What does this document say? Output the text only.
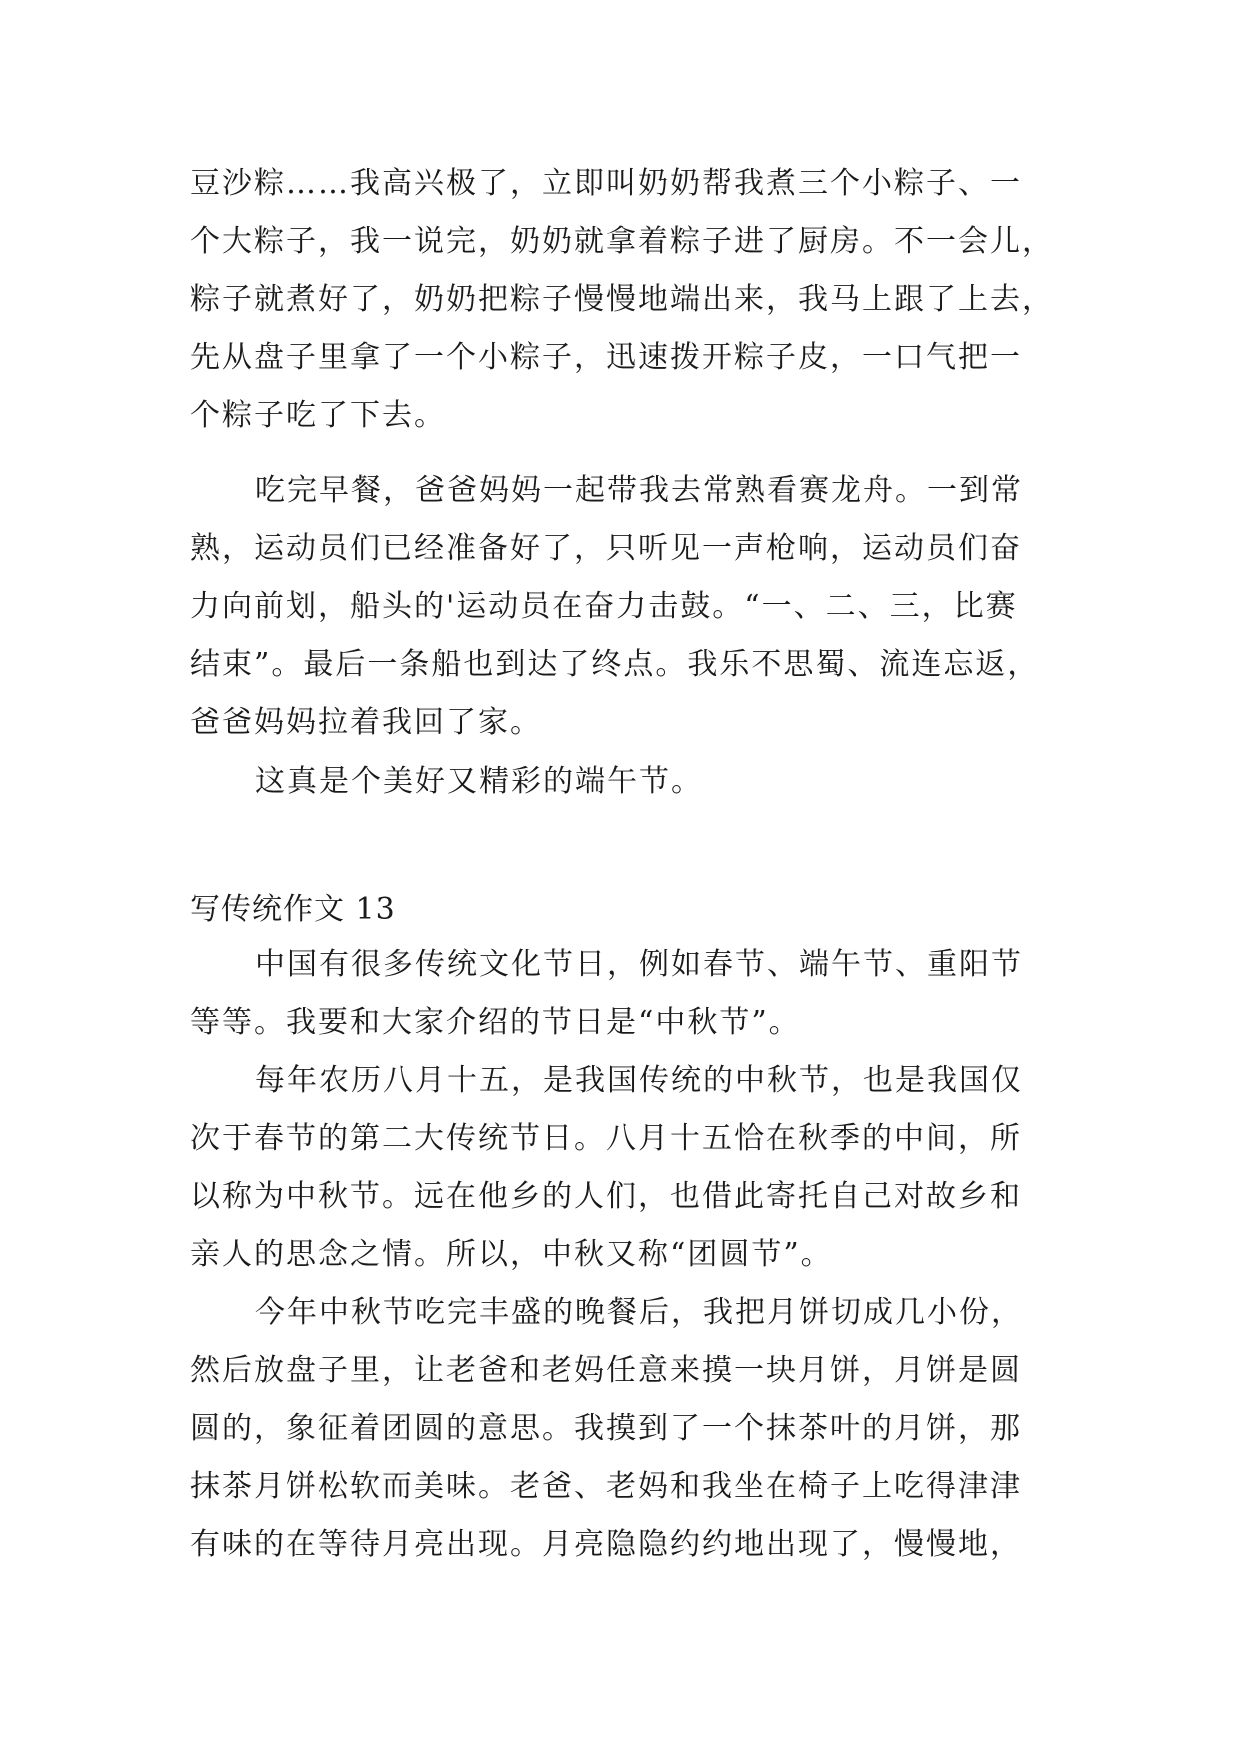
豆沙粽……我高兴极了，立即叫奶奶帮我煮三个小粽子、一
个大粽子，我一说完，奶奶就拿着粽子进了厨房。不一会儿，
粽子就煮好了，奶奶把粽子慢慢地端出来，我马上跟了上去，
先从盘子里拿了一个小粽子，迅速拨开粽子皮，一口气把一
个粽子吃了下去。
吃完早餐，爸爸妈妈一起带我去常熟看赛龙舟。一到常
熟，运动员们已经准备好了，只听见一声枪响，运动员们奋
力向前划，船头的'运动员在奋力击鼓。“一、二、三，比赛
结束”。最后一条船也到达了终点。我乐不思蜀、流连忘返，
爸爸妈妈拉着我回了家。
这真是个美好又精彩的端午节。
写传统作文 13
中国有很多传统文化节日，例如春节、端午节、重阳节
等等。我要和大家介绍的节日是“中秋节”。
每年农历八月十五，是我国传统的中秋节，也是我国仅
次于春节的第二大传统节日。八月十五恰在秋季的中间，所
以称为中秋节。远在他乡的人们，也借此寄托自己对故乡和
亲人的思念之情。所以，中秋又称“团圆节”。
今年中秋节吃完丰盛的晚餐后，我把月饼切成几小份，
然后放盘子里，让老爸和老妈任意来摸一块月饼，月饼是圆
圆的，象征着团圆的意思。我摸到了一个抹茶叶的月饼，那
抹茶月饼松软而美味。老爸、老妈和我坐在椅子上吃得津津
有味的在等待月亮出现。月亮隐隐约约地出现了，慢慢地，
